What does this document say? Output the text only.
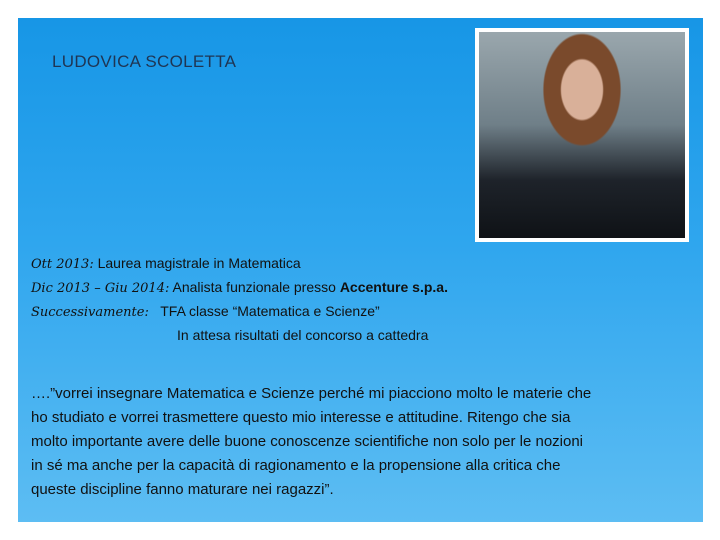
LUDOVICA SCOLETTA
Ott 2013: Laurea magistrale in Matematica
Dic 2013 – Giu 2014: Analista funzionale presso Accenture s.p.a.
Successivamente:   TFA classe “Matematica e Scienze”
In attesa risultati del concorso a cattedra
….”vorrei insegnare Matematica e Scienze perché mi piacciono molto le materie che
ho studiato e vorrei trasmettere questo mio interesse e attitudine. Ritengo che sia
molto importante avere delle buone conoscenze scientifiche non solo per le nozioni
in sé ma anche per la capacità di ragionamento e la propensione alla critica che
queste discipline fanno maturare nei ragazzi”.
